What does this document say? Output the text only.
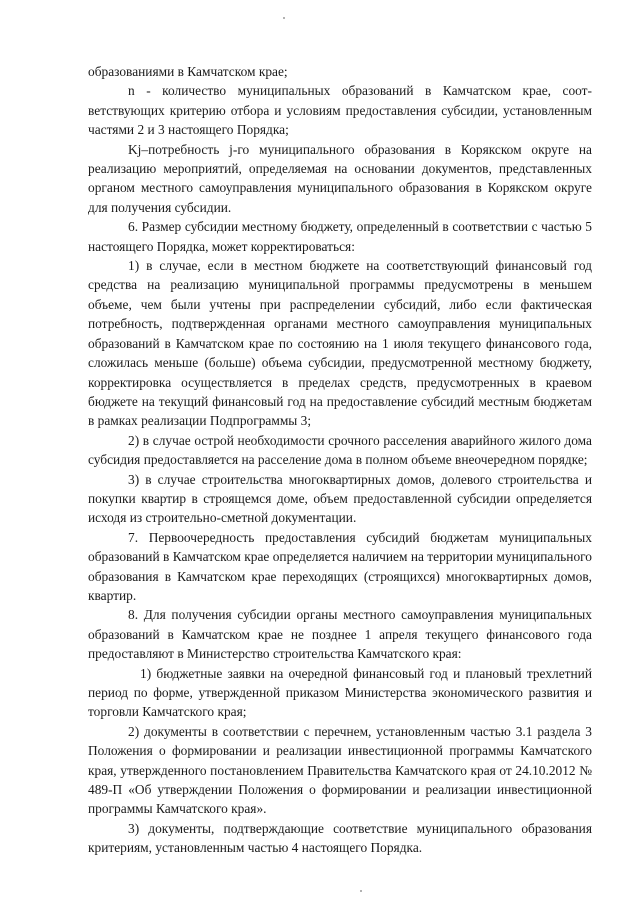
образованиями в Камчатском крае;

n - количество муниципальных образований в Камчатском крае, соответствующих критерию отбора и условиям предоставления субсидии, установленным частями 2 и 3 настоящего Порядка;

Kj–потребность j-го муниципального образования в Корякском округе на реализацию мероприятий, определяемая на основании документов, представленных органом местного самоуправления муниципального образования в Корякском округе для получения субсидии.

6. Размер субсидии местному бюджету, определенный в соответствии с частью 5 настоящего Порядка, может корректироваться:

1) в случае, если в местном бюджете на соответствующий финансовый год средства на реализацию муниципальной программы предусмотрены в меньшем объеме, чем были учтены при распределении субсидий, либо если фактическая потребность, подтвержденная органами местного самоуправления муниципальных образований в Камчатском крае по состоянию на 1 июля текущего финансового года, сложилась меньше (больше) объема субсидии, предусмотренной местному бюджету, корректировка осуществляется в пределах средств, предусмотренных в краевом бюджете на текущий финансовый год на предоставление субсидий местным бюджетам в рамках реализации Подпрограммы 3;

2) в случае острой необходимости срочного расселения аварийного жилого дома субсидия предоставляется на расселение дома в полном объеме внеочередном порядке;

3) в случае строительства многоквартирных домов, долевого строительства и покупки квартир в строящемся доме, объем предоставленной субсидии определяется исходя из строительно-сметной документации.

7. Первоочередность предоставления субсидий бюджетам муниципальных образований в Камчатском крае определяется наличием на территории муниципального образования в Камчатском крае переходящих (строящихся) многоквартирных домов, квартир.

8. Для получения субсидии органы местного самоуправления муниципальных образований в Камчатском крае не позднее 1 апреля текущего финансового года предоставляют в Министерство строительства Камчатского края:

1) бюджетные заявки на очередной финансовый год и плановый трехлетний период по форме, утвержденной приказом Министерства экономического развития и торговли Камчатского края;

2) документы в соответствии с перечнем, установленным частью 3.1 раздела 3 Положения о формировании и реализации инвестиционной программы Камчатского края, утвержденного постановлением Правительства Камчатского края от 24.10.2012 № 489-П «Об утверждении Положения о формировании и реализации инвестиционной программы Камчатского края».

3) документы, подтверждающие соответствие муниципального образования критериям, установленным частью 4 настоящего Порядка.
